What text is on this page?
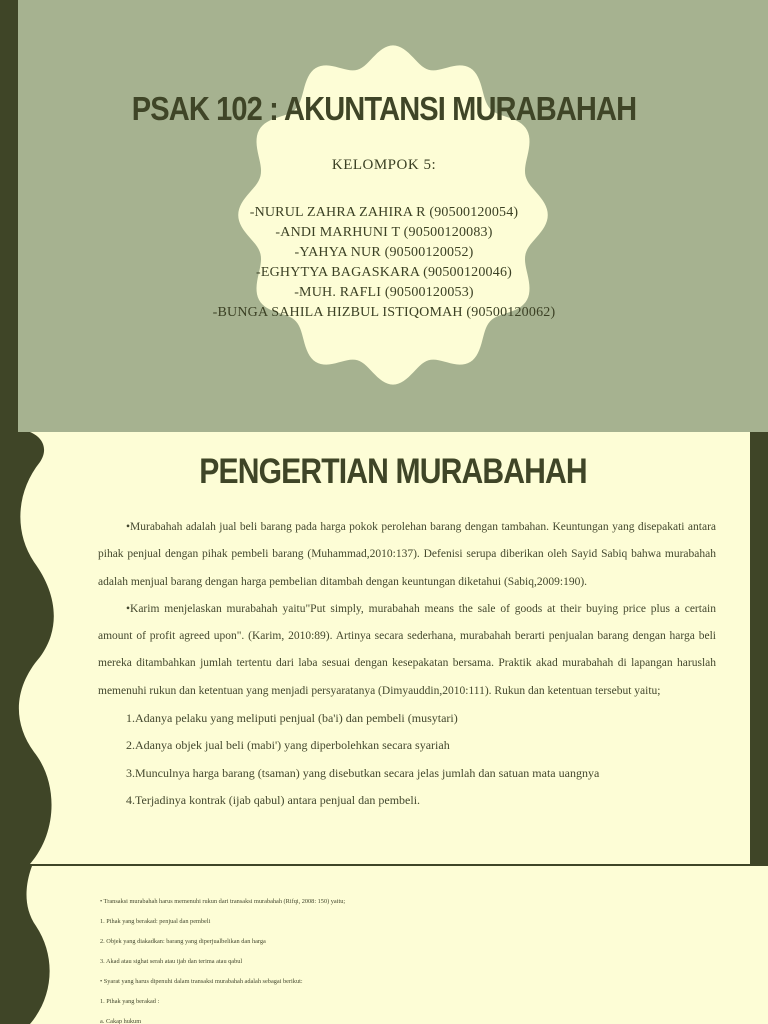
PSAK 102 : AKUNTANSI MURABAHAH
KELOMPOK 5:
-NURUL ZAHRA ZAHIRA R (90500120054)
-ANDI MARHUNI T (90500120083)
-YAHYA NUR (90500120052)
-EGHYTYA BAGASKARA (90500120046)
-MUH. RAFLI (90500120053)
-BUNGA SAHILA HIZBUL ISTIQOMAH (90500120062)
PENGERTIAN MURABAHAH

•Murabahah adalah jual beli barang pada harga pokok perolehan barang dengan tambahan. Keuntungan yang disepakati antara pihak penjual dengan pihak pembeli barang (Muhammad,2010:137). Defenisi serupa diberikan oleh Sayid Sabiq bahwa murabahah adalah menjual barang dengan harga pembelian ditambah dengan keuntungan diketahui (Sabiq,2009:190).

•Karim menjelaskan murabahah yaitu"Put simply, murabahah means the sale of goods at their buying price plus a certain amount of profit agreed upon". (Karim, 2010:89). Artinya secara sederhana, murabahah berarti penjualan barang dengan harga beli mereka ditambahkan jumlah tertentu dari laba sesuai dengan kesepakatan bersama. Praktik akad murabahah di lapangan haruslah memenuhi rukun dan ketentuan yang menjadi persyaratanya (Dimyauddin,2010:111). Rukun dan ketentuan tersebut yaitu;

1.Adanya pelaku yang meliputi penjual (ba'i) dan pembeli (musytari)
2.Adanya objek jual beli (mabi') yang diperbolehkan secara syariah
3.Munculnya harga barang (tsaman) yang disebutkan secara jelas jumlah dan satuan mata uangnya
4.Terjadinya kontrak (ijab qabul) antara penjual dan pembeli.
• Transaksi murabahah harus memenuhi rukun dari transaksi murabahah (Rifqi, 2008: 150) yaitu;
1. Pihak yang berakad: penjual dan pembeli
2. Objek yang diakadkan: barang yang diperjualbelikan dan harga
3. Akad atau sighat serah atau ijab dan terima atau qabul
• Syarat yang harus dipenuhi dalam transaksi murabahah adalah sebagai berikut:
1. Pihak yang berakad :
a. Cakap hukum
